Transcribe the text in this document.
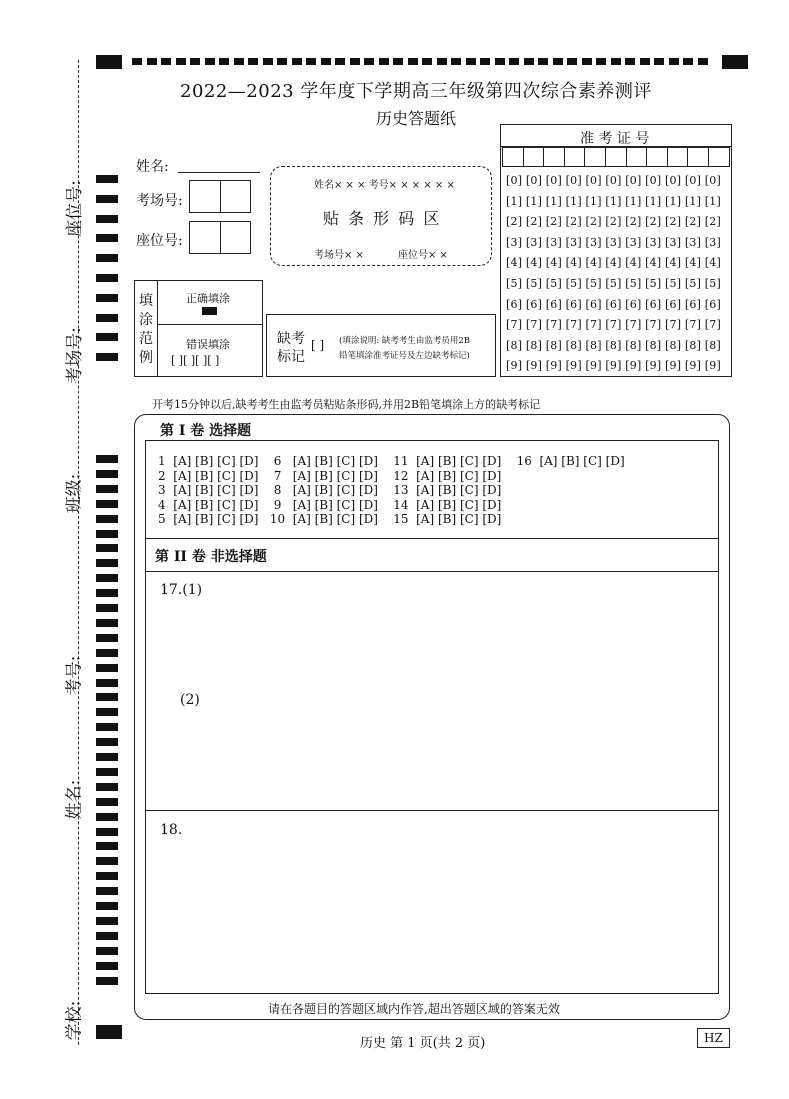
座位号:
考场号:
班级:
考号:
姓名:
学校:
2022—2023 学年度下学期高三年级第四次综合素养测评
历史答题纸
姓名:
考场号:
座位号:
姓名× × × 考号× × × × × ×
贴 条 形 码 区
考场号× ×	座位号× ×
准 考 证 号
[0] [0] [0] [0] [0] [0] [0] [0] [0] [0] [0]
[1] [1] [1] [1] [1] [1] [1] [1] [1] [1] [1]
[2] [2] [2] [2] [2] [2] [2] [2] [2] [2] [2]
[3] [3] [3] [3] [3] [3] [3] [3] [3] [3] [3]
[4] [4] [4] [4] [4] [4] [4] [4] [4] [4] [4]
[5] [5] [5] [5] [5] [5] [5] [5] [5] [5] [5]
[6] [6] [6] [6] [6] [6] [6] [6] [6] [6] [6]
[7] [7] [7] [7] [7] [7] [7] [7] [7] [7] [7]
[8] [8] [8] [8] [8] [8] [8] [8] [8] [8] [8]
[9] [9] [9] [9] [9] [9] [9] [9] [9] [9] [9]
填涂范例
正确填涂
错误填涂
[ ][ ][ ][ ]
缺考标记
[ ] (填涂说明: 缺考考生由监考员用2B
铅笔填涂准考证号及左边缺考标记)
开考15分钟以后,缺考考生由监考员粘贴条形码,并用2B铅笔填涂上方的缺考标记
第 I 卷 选择题
1  [A] [B] [C] [D]    6   [A] [B] [C] [D]    11  [A] [B] [C] [D]    16  [A] [B] [C] [D]
2  [A] [B] [C] [D]    7   [A] [B] [C] [D]    12  [A] [B] [C] [D]
3  [A] [B] [C] [D]    8   [A] [B] [C] [D]    13  [A] [B] [C] [D]
4  [A] [B] [C] [D]    9   [A] [B] [C] [D]    14  [A] [B] [C] [D]
5  [A] [B] [C] [D]   10  [A] [B] [C] [D]    15  [A] [B] [C] [D]
第 II 卷 非选择题
17.(1)
(2)
18.
请在各题目的答题区域内作答,超出答题区域的答案无效
历史 第 1 页(共 2 页)	HZ
